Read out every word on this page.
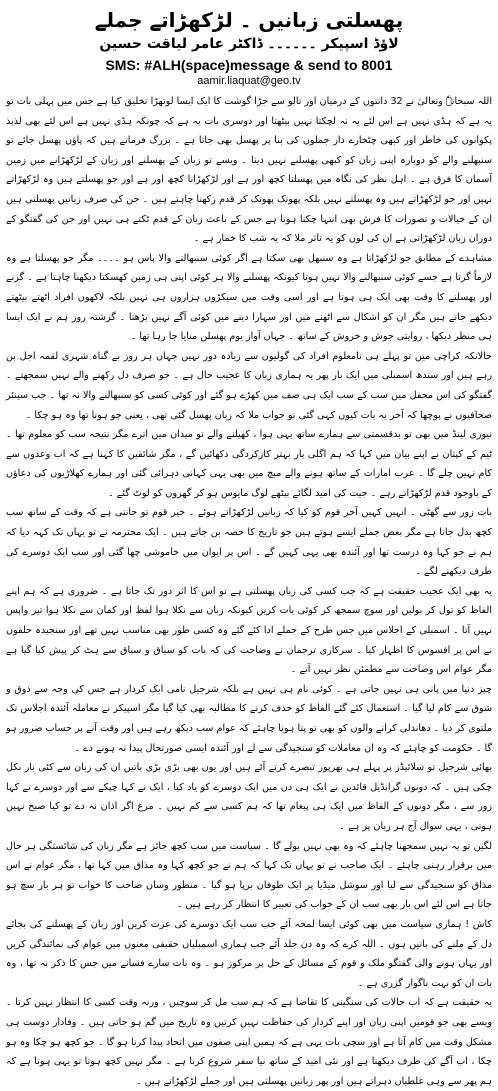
پھسلتی زبانیں ۔ لڑکھڑاتے جملے
لاؤڈ اسپیکر ۔۔۔۔۔۔ ڈاکٹر عامر لیاقت حسین
SMS: #ALH(space)message & send to 8001
aamir.liaquat@geo.tv

اللہ سبحانہٗ وتعالیٰ نے 32 دانتوں کے درمیان اور تالو سے جڑا گوشت کا ایک ایسا لوتھڑا تخلیق کیا ہے جس میں پہلی بات تو یہ ہے کہ ہڈی نہیں ہے اس لئے یہ نہ لچکتا نہیں بیٹھتا اور دوسری بات یہ ہے کہ چونکہ ہڈی نہیں ہے اس لئے بھی لذیذ پکوانوں کی خاطر اور کبھی چٹخارے دار جملوں کی بنا پر پھسل بھی جاتا ہے ۔ بزرگ فرماتے ہیں کہ پاؤں پھسل جائے تو سنبھلنے والے کو دوبارہ اپنی زبان کو کبھی پھسلنے نہیں دینا ۔ ویسے تو زبان کے پھسلنے اور زبان کے لڑکھڑانے میں زمین آسمان کا فرق ہے ۔ اہل نظر کی نگاہ میں پھسلنا کچھ اور ہے اور لڑکھڑانا کچھ اور ہے اور جو پھسلتے ہیں وہ لڑکھڑاتے نہیں اور جو لڑکھڑاتے ہیں وہ پھسلتے نہیں بلکہ پھونک پھونک کر قدم رکھنا چاہتے ہیں ۔ جن کی صرف زبانیں پھسلتی ہیں ان کے خیالات و تصورات کا فرش بھی انتہا چکنا ہوتا ہے جس کے باعث زبان کے قدم ٹکتے ہی نہیں اور جن کی گفتگو کے دوران زبان لڑکھڑاتی ہے ان کی لوں کو یہ تاثر ملا کہ یہ شب کا خمار ہے ۔

مشاہدے کے مطابق جو لڑکھڑاتا ہے وہ سنبھل بھی سکتا ہے اگر کوئی سنبھالنے والا پاس ہو ۔۔۔۔ مگر جو پھسلتا ہے وہ لازماً گرتا ہے جسے کوئی سنبھالنے والا نہیں ہوتا کیونکہ پھسلنے والا ہر کوئی اپنی ہی زمین کھسکتا دیکھنا چاہتا ہے ۔ گرنے اور پھسلنے کا وقت بھی ایک ہی ہوتا ہے اور اسی وقت میں سیکڑوں ہزاروں ہی نہیں بلکہ لاکھوں افراد اٹھتے بیٹھتے دیکھے جاتے ہیں مگر ان کو اشکال سے اٹھنے میں اور سہارا دینے میں کوئی آگے نہیں بڑھتا ۔ گزشتہ روز ہم نے ایک ایسا ہی منظر دیکھا ، روایتی جوش و خروش کے ساتھ ۔ جہاں آواز یوم پھسلن منایا جا رہا تھا ۔

حالانکہ کراچی میں تو پہلے ہی نامعلوم افراد کی گولیوں سے زیادہ دور نہیں جہاں ہر روز بے گناہ شہری لقمہ اجل بن رہے ہیں اور سندھ اسمبلی میں ایک بار پھر یہ ہماری زبان کا عجیب حال ہے ۔ جو صرف دل رکھنے والے نہیں سمجھتے ۔ گفتگو کی اس محفل میں سب کے سب ایک ہی صف میں کھڑے ہو گئے اور کوئی کسی کو سنبھالنے والا نہ تھا ۔ جب سینئر صحافیوں نے پوچھا کہ آخر یہ بات کیوں کہی گئی تو جواب ملا کہ زبان پھسل گئی تھی ، یعنی جو ہونا تھا وہ ہو چکا ۔

نیوزی لینڈ میں بھی تو بدقسمتی سے ہمارے ساتھ یہی ہوا ، کھیلنے والے تو میدان میں اترے مگر نتیجہ سب کو معلوم تھا ۔ ٹیم کے کپتان نے اپنے بیان میں کہا کہ ہم اگلی بار بہتر کارکردگی دکھائیں گے ، مگر شائقین کا کہنا ہے کہ اب وعدوں سے کام نہیں چلے گا ۔ عرب امارات کے ساتھ ہونے والے میچ میں بھی یہی کہانی دہرائی گئی اور ہمارے کھلاڑیوں کی دعاؤں کے باوجود قدم لڑکھڑاتے رہے ۔ جیت کی امید لگائے بیٹھے لوگ مایوس ہو کر گھروں کو لوٹ گئے ۔

بات زور سے گھٹی ۔ انہیں کہیں آخر قوم کو کیا کہ زبانیں لڑکھڑاتے ہوئے ۔ خیر قوم تو جانتی ہے کہ وقت کے ساتھ سب کچھ بدل جاتا ہے مگر بعض جملے ایسے ہوتے ہیں جو تاریخ کا حصہ بن جاتے ہیں ۔ ایک محترمہ نے تو یہاں تک کہہ دیا کہ ہم نے جو کہا وہ درست تھا اور آئندہ بھی یہی کہیں گے ۔ اس پر ایوان میں خاموشی چھا گئی اور سب ایک دوسرے کی طرف دیکھنے لگے ۔

یہ بھی ایک عجیب حقیقت ہے کہ جب کسی کی زبان پھسلتی ہے تو اس کا اثر دور تک جاتا ہے ۔ ضروری ہے کہ ہم اپنے الفاظ کو تول کر بولیں اور سوچ سمجھ کر کوئی بات کریں کیونکہ زبان سے نکلا ہوا لفظ اور کمان سے نکلا ہوا تیر واپس نہیں آتا ۔ اسمبلی کے اجلاس میں جس طرح کے جملے ادا کئے گئے وہ کسی طور بھی مناسب نہیں تھے اور سنجیدہ حلقوں نے اس پر افسوس کا اظہار کیا ۔ سرکاری ترجمان نے وضاحت کی کہ بات کو سیاق و سباق سے ہٹ کر پیش کیا گیا ہے مگر عوام اس وضاحت سے مطمئن نظر نہیں آتے ۔

چیز دنیا میں پانی ہی نہیں جاتی ہے ۔ کوئی نام ہی نہیں ہے بلکہ شرجیل نامی ایک کردار ہے جس کی وجہ سے ذوق و شوق سے کام لیا گیا ۔ استعمال کئے گئے الفاظ کو حذف کرنے کا مطالبہ بھی کیا گیا مگر اسپیکر نے معاملہ آئندہ اجلاس تک ملتوی کر دیا ۔ دھاندلی کرانے والوں کو بھی تو پتا ہونا چاہئے کہ عوام سب دیکھ رہے ہیں اور وقت آنے پر حساب ضرور ہو گا ۔ حکومت کو چاہئے کہ وہ ان معاملات کو سنجیدگی سے لے اور آئندہ ایسی صورتحال پیدا نہ ہونے دے ۔

بھائی شرجیل تو سلائیڈز پر پہلے ہی بھرپور تبصرے کرتے آئے ہیں اور یوں بھی بڑی بڑی باتیں ان کی زبان سے کئی بار نکل چکی ہیں ۔ کہ دونوں گرانڈیل قائدین نے ایک ہی دن میں ایک دوسرے کو یاد کیا ، ایک نے کہا چپکے سے اور دوسرے نے کہا زور سے ، مگر دونوں کے الفاظ میں ایک ہی پیغام تھا کہ ہم کسی سے کم نہیں ۔ مرغ اگر اذان نہ دے تو کیا صبح نہیں ہوتی ، یہی سوال آج ہر زبان پر ہے ۔

لگیں تو یہ نہیں سمجھنا چاہئے کہ وہ بھی نہیں بولے گا ۔ سیاست میں سب کچھ جائز ہے مگر زبان کی شائستگی ہر حال میں برقرار رہنی چاہئے ۔ ایک صاحب نے تو یہاں تک کہا کہ ہم نے جو کچھ کہا وہ مذاق میں کہا تھا ، مگر عوام نے اس مذاق کو سنجیدگی سے لیا اور سوشل میڈیا پر ایک طوفان برپا ہو گیا ۔ منظور وسان صاحب کا خواب تو ہر بار سچ ہو جاتا ہے اس لئے اس بار بھی سب ان کے خواب کی تعبیر کا انتظار کر رہے ہیں ۔

کاش ! ہماری سیاست میں بھی کوئی ایسا لمحہ آئے جب سب ایک دوسرے کی عزت کریں اور زبان کے پھسلنے کی بجائے دل کے ملنے کی باتیں ہوں ۔ اللہ کرے کہ وہ دن جلد آئے جب ہماری اسمبلیاں حقیقی معنوں میں عوام کی نمائندگی کریں اور یہاں ہونے والی گفتگو ملک و قوم کے مسائل کے حل پر مرکوز ہو ۔ وہ بات سارے فسانے میں جس کا ذکر نہ تھا ، وہ بات ان کو بہت ناگوار گزری ہے ۔

یہ حقیقت ہے کہ اب حالات کی سنگینی کا تقاضا ہے کہ ہم سب مل کر سوچیں ، ورنہ وقت کسی کا انتظار نہیں کرتا ۔ ویسے بھی جو قومیں اپنی زبان اور اپنے کردار کی حفاظت نہیں کرتیں وہ تاریخ میں گم ہو جاتی ہیں ۔ وفادار دوست ہی مشکل وقت میں کام آتا ہے اور سچی بات یہی ہے کہ ہمیں اپنی صفوں میں اتحاد پیدا کرنا ہو گا ۔ جو کچھ ہو چکا وہ ہو چکا ، اب آگے کی طرف دیکھنا ہے اور نئی امید کے ساتھ نیا سفر شروع کرنا ہے ۔ مگر نہیں کچھ ہوتا تو یہی ہوتا ہے کہ ہم پھر سے وہی غلطیاں دہراتے ہیں اور پھر زبانیں پھسلتی ہیں اور جملے لڑکھڑاتے ہیں ۔
